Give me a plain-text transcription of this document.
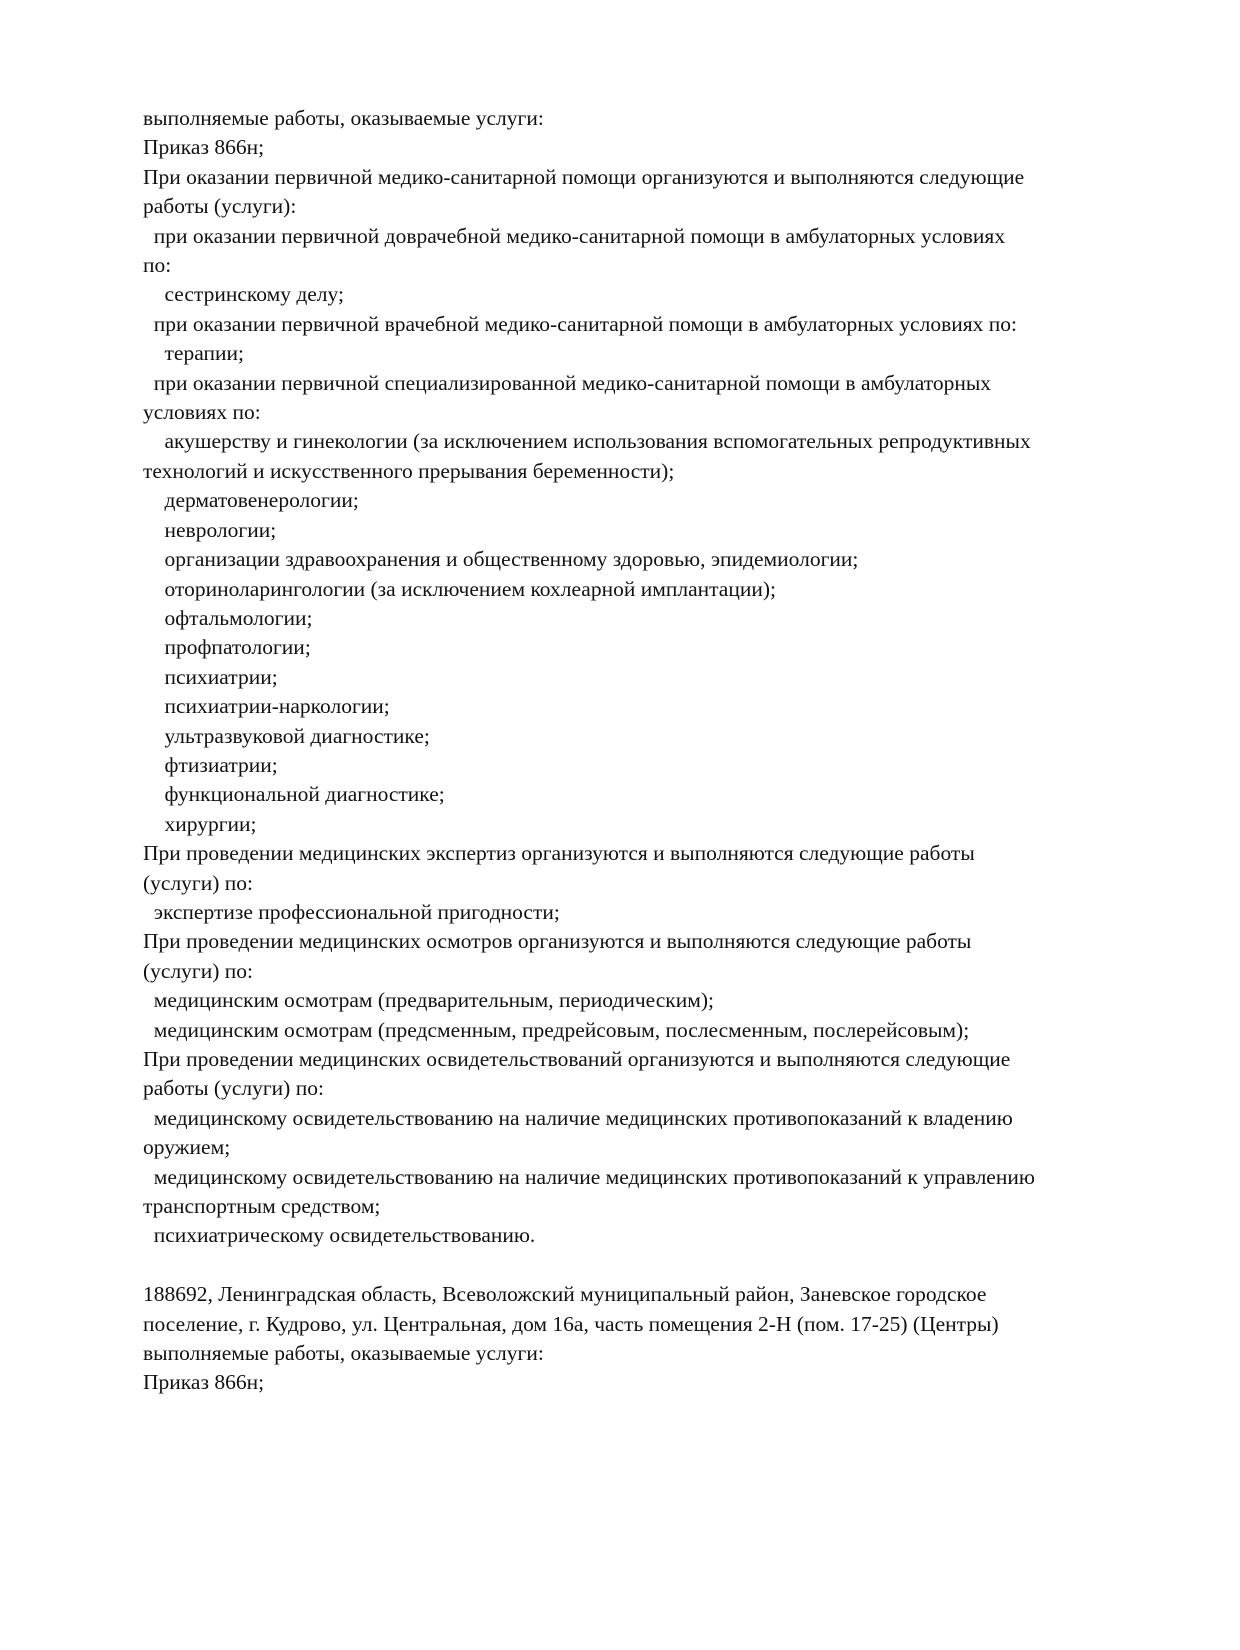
выполняемые работы, оказываемые услуги:
Приказ 866н;
При оказании первичной медико-санитарной помощи организуются и выполняются следующие
работы (услуги):
при оказании первичной доврачебной медико-санитарной помощи в амбулаторных условиях
по:
сестринскому делу;
при оказании первичной врачебной медико-санитарной помощи в амбулаторных условиях по:
терапии;
при оказании первичной специализированной медико-санитарной помощи в амбулаторных
условиях по:
акушерству и гинекологии (за исключением использования вспомогательных репродуктивных
технологий и искусственного прерывания беременности);
дерматовенерологии;
неврологии;
организации здравоохранения и общественному здоровью, эпидемиологии;
оториноларингологии (за исключением кохлеарной имплантации);
офтальмологии;
профпатологии;
психиатрии;
психиатрии-наркологии;
ультразвуковой диагностике;
фтизиатрии;
функциональной диагностике;
хирургии;
При проведении медицинских экспертиз организуются и выполняются следующие работы
(услуги) по:
экспертизе профессиональной пригодности;
При проведении медицинских осмотров организуются и выполняются следующие работы
(услуги) по:
медицинским осмотрам (предварительным, периодическим);
медицинским осмотрам (предсменным, предрейсовым, послесменным, послерейсовым);
При проведении медицинских освидетельствований организуются и выполняются следующие
работы (услуги) по:
медицинскому освидетельствованию на наличие медицинских противопоказаний к владению
оружием;
медицинскому освидетельствованию на наличие медицинских противопоказаний к управлению
транспортным средством;
психиатрическому освидетельствованию.
188692, Ленинградская область, Всеволожский муниципальный район, Заневское городское
поселение, г. Кудрово, ул. Центральная, дом 16а, часть помещения 2-Н (пом. 17-25) (Центры)
выполняемые работы, оказываемые услуги:
Приказ 866н;
